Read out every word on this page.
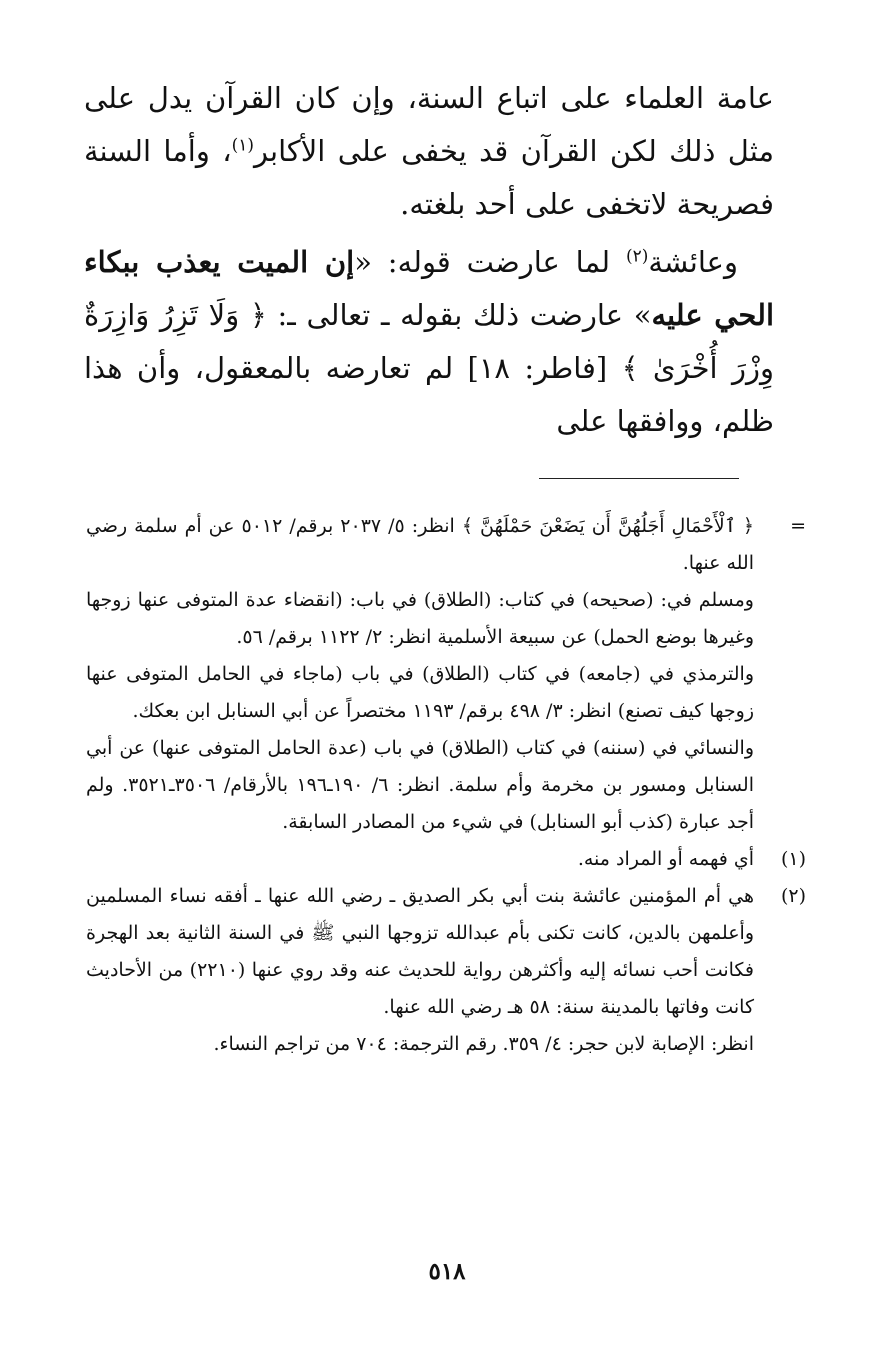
عامة العلماء على اتباع السنة، وإن كان القرآن يدل على مثل ذلك لكن القرآن قد يخفى على الأكابر$^{(١)}$، وأما السنة فصريحة لاتخفى على أحد بلغته.

وعائشة$^{(٢)}$ لما عارضت قوله: «إن الميت يعذب ببكاء الحي عليه» عارضت ذلك بقوله ـ تعالى ـ: ﴿ وَلَا تَزِرُ وَازِرَةٌ وِزْرَ أُخْرَىٰ ﴾ [فاطر: ١٨] لم تعارضه بالمعقول، وأن هذا ظلم، ووافقها على

=
﴿ ٱلْأَحْمَالِ أَجَلُهُنَّ أَن يَضَعْنَ حَمْلَهُنَّ ﴾ انظر: ٥/ ٢٠٣٧ برقم/ ٥٠١٢ عن أم سلمة رضي الله عنها.
ومسلم في: (صحيحه) في كتاب: (الطلاق) في باب: (انقضاء عدة المتوفى عنها زوجها وغيرها بوضع الحمل) عن سبيعة الأسلمية انظر: ٢/ ١١٢٢ برقم/ ٥٦.
والترمذي في (جامعه) في كتاب (الطلاق) في باب (ماجاء في الحامل المتوفى عنها زوجها كيف تصنع) انظر: ٣/ ٤٩٨ برقم/ ١١٩٣ مختصراً عن أبي السنابل ابن بعكك.
والنسائي في (سننه) في كتاب (الطلاق) في باب (عدة الحامل المتوفى عنها) عن أبي السنابل ومسور بن مخرمة وأم سلمة. انظر: ٦/ ١٩٠ـ١٩٦ بالأرقام/ ٣٥٠٦ـ٣٥٢١. ولم أجد عبارة (كذب أبو السنابل) في شيء من المصادر السابقة.
(١)
أي فهمه أو المراد منه.
(٢)
هي أم المؤمنين عائشة بنت أبي بكر الصديق ـ رضي الله عنها ـ أفقه نساء المسلمين وأعلمهن بالدين، كانت تكنى بأم عبدالله تزوجها النبي ﷺ في السنة الثانية بعد الهجرة فكانت أحب نسائه إليه وأكثرهن رواية للحديث عنه وقد روي عنها (٢٢١٠) من الأحاديث كانت وفاتها بالمدينة سنة: ٥٨ هـ رضي الله عنها.
انظر: الإصابة لابن حجر: ٤/ ٣٥٩. رقم الترجمة: ٧٠٤ من تراجم النساء.
٥١٨
